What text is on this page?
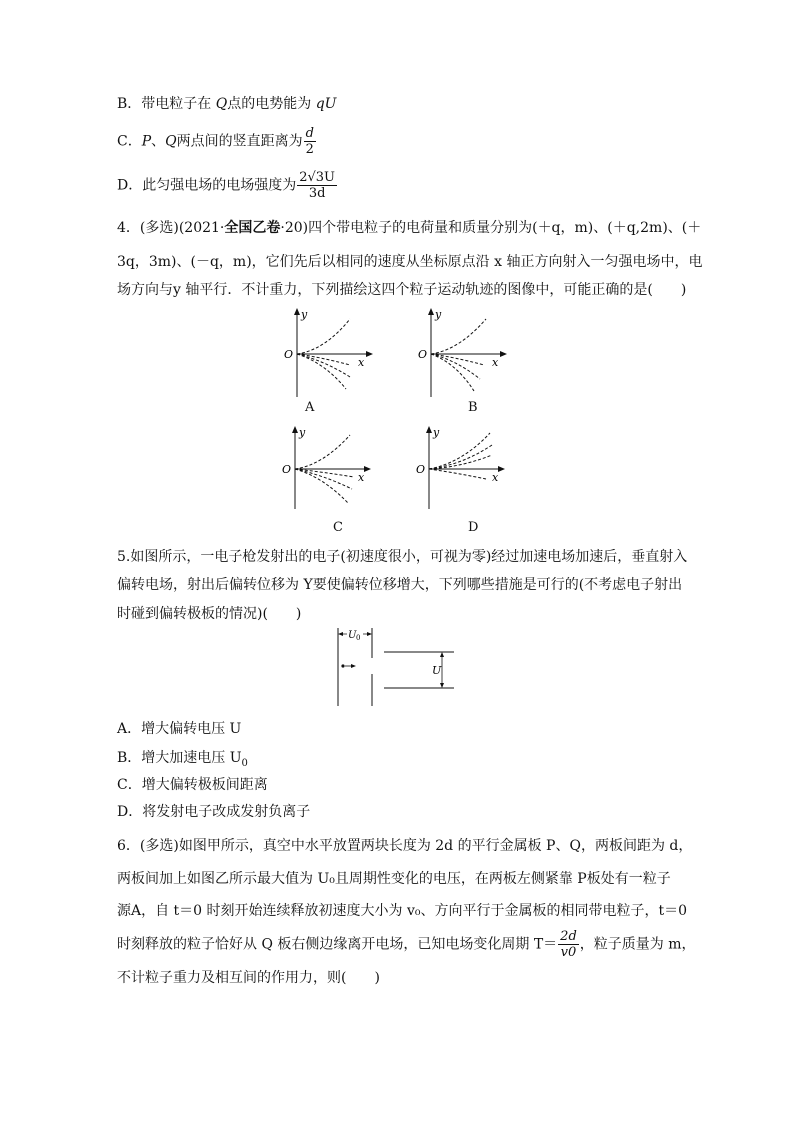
B．带电粒子在 Q点的电势能为 qU
C．P、Q两点间的竖直距离为 $\frac{d}{2}$
D．此匀强电场的电场强度为 $\frac{2√3U}{3d}$
4．(多选)(2021·全国乙卷·20)四个带电粒子的电荷量和质量分别为(＋q，m)、(＋q,2m)、(＋
3q，3m)、(－q，m)，它们先后以相同的速度从坐标原点沿 x 轴正方向射入一匀强电场中，电
场方向与y 轴平行．不计重力，下列描绘这四个粒子运动轨迹的图像中，可能正确的是(　　)
y
x
O
A
y
x
O
B
y
x
O
C
y
x
O
D
5.如图所示，一电子枪发射出的电子(初速度很小，可视为零)经过加速电场加速后，垂直射入
偏转电场，射出后偏转位移为 Y要使偏转位移增大，下列哪些措施是可行的(不考虑电子射出
时碰到偏转极板的情况)(　　)
U 0
U
A．增大偏转电压 U
B．增大加速电压 $U_0$
C．增大偏转极板间距离
D．将发射电子改成发射负离子
6．(多选)如图甲所示，真空中水平放置两块长度为 2d 的平行金属板 P、Q，两板间距为 d，
两板间加上如图乙所示最大值为 U₀且周期性变化的电压，在两板左侧紧靠 P板处有一粒子
源A，自 t＝0 时刻开始连续释放初速度大小为 v₀、方向平行于金属板的相同带电粒子，t＝0
时刻释放的粒子恰好从 Q 板右侧边缘离开电场，已知电场变化周期 $T= \frac{2d}{v0}$ ，粒子质量为 m，
不计粒子重力及相互间的作用力，则(　　)
